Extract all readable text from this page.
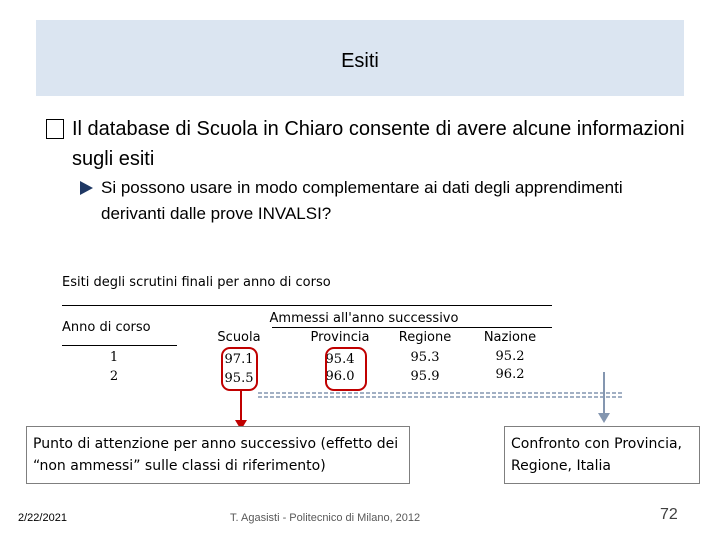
Esiti
Il database di Scuola in Chiaro consente di avere alcune informazioni sugli esiti
Si possono usare in modo complementare ai dati degli apprendimenti derivanti dalle prove INVALSI?
Esiti degli scrutini finali per anno di corso
Anno di corso
Ammessi all'anno successivo
Scuola	Provincia Regione	Nazione
1	97.1	95.4	95.3	95.2
2	95.5	96.0	95.9	96.2
Punto di attenzione per anno successivo (effetto dei “non ammessi” sulle classi di riferimento)
Confronto con Provincia, Regione, Italia
2/22/2021	T. Agasisti - Politecnico di Milano, 2012	72
